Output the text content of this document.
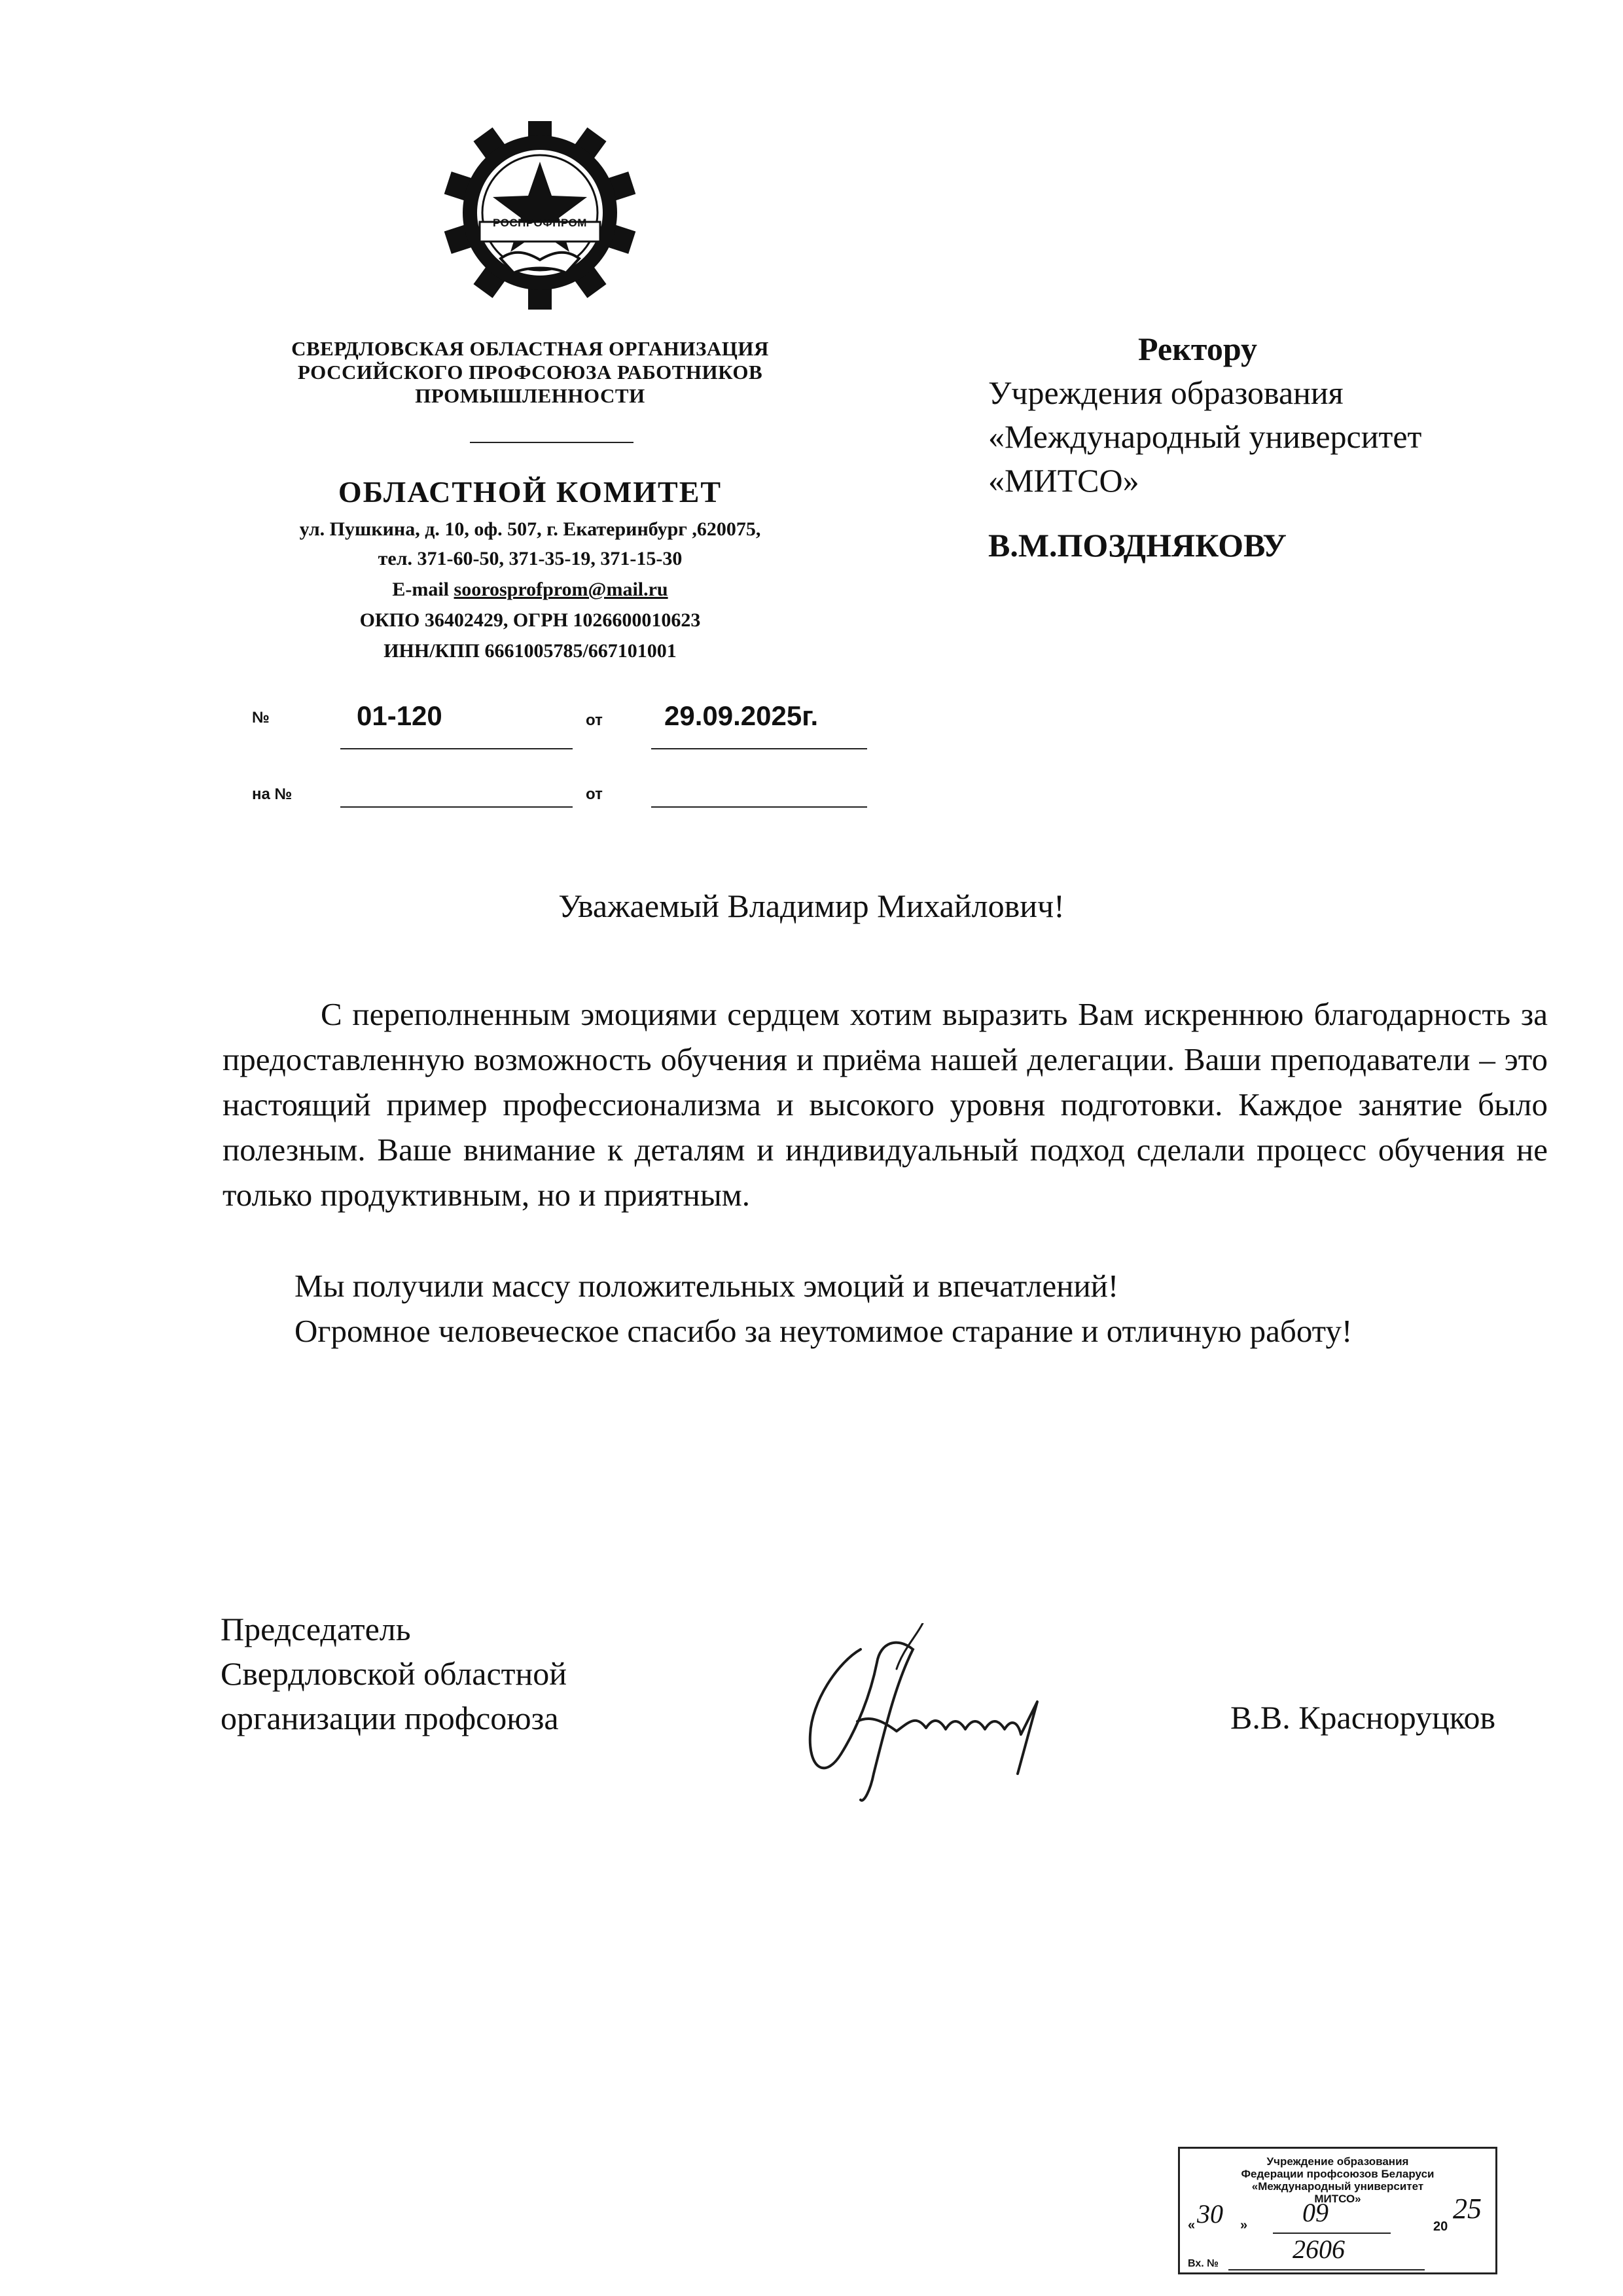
РОСПРОФПРОМ
СВЕРДЛОВСКАЯ ОБЛАСТНАЯ ОРГАНИЗАЦИЯ
РОССИЙСКОГО ПРОФСОЮЗА РАБОТНИКОВ
ПРОМЫШЛЕННОСТИ
ОБЛАСТНОЙ КОМИТЕТ
ул. Пушкина, д. 10, оф. 507, г. Екатеринбург ,620075,
тел. 371-60-50, 371-35-19, 371-15-30
E-mail soorosprofprom@mail.ru
ОКПО 36402429, ОГРН 1026600010623
ИНН/КПП 6661005785/667101001
№	01-120	от 29.09.2025г.
на №	от
Ректору
Учреждения образования
«Международный университет
«МИТСО»
В.М.ПОЗДНЯКОВУ
Уважаемый Владимир Михайлович!
С переполненным эмоциями сердцем хотим выразить Вам искреннюю благодарность за предоставленную возможность обучения и приёма нашей делегации. Ваши преподаватели – это настоящий пример профессионализма и высокого уровня подготовки. Каждое занятие было полезным. Ваше внимание к деталям и индивидуальный подход сделали процесс обучения не только продуктивным, но и приятным.
Мы получили массу положительных эмоций и впечатлений!
Огромное человеческое спасибо за неутомимое старание и отличную работу!
Председатель
Свердловской областной
организации профсоюза	В.В. Красноруцков
Учреждение образования
Федерации профсоюзов Беларуси
«Международный университет
МИТСО»
« 30 » 09	20
25
Вх. №	2606
